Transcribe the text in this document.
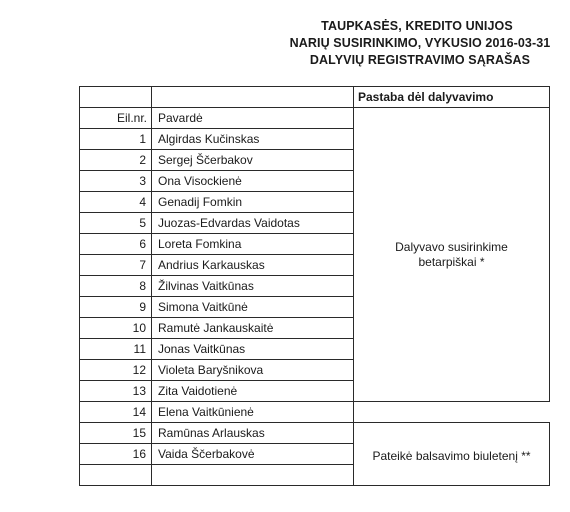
TAUPKASĖS, KREDITO UNIJOS
NARIŲ SUSIRINKIMO, VYKUSIO 2016-03-31
DALYVIŲ REGISTRAVIMO SĄRAŠAS
		Pastaba dėl dalyvavimo
Eil.nr.	Pavardė	Dalyvavo susirinkime
betarpiškai *

1	Algirdas Kučinskas	
2	Sergej Ščerbakov	
3	Ona Visockienė	
4	Genadij Fomkin	
5	Juozas-Edvardas Vaidotas	
6	Loreta Fomkina	
7	Andrius Karkauskas	
8	Žilvinas Vaitkūnas	
9	Simona Vaitkūnė	
10	Ramutė Jankauskaitė	
11	Jonas Vaitkūnas	
12	Violeta Baryšnikova	
13	Zita Vaidotienė	
14	Elena Vaitkūnienė	
15	Ramūnas Arlauskas	Pateikė balsavimo biuletenį **
16	Vaida Ščerbakovė	
